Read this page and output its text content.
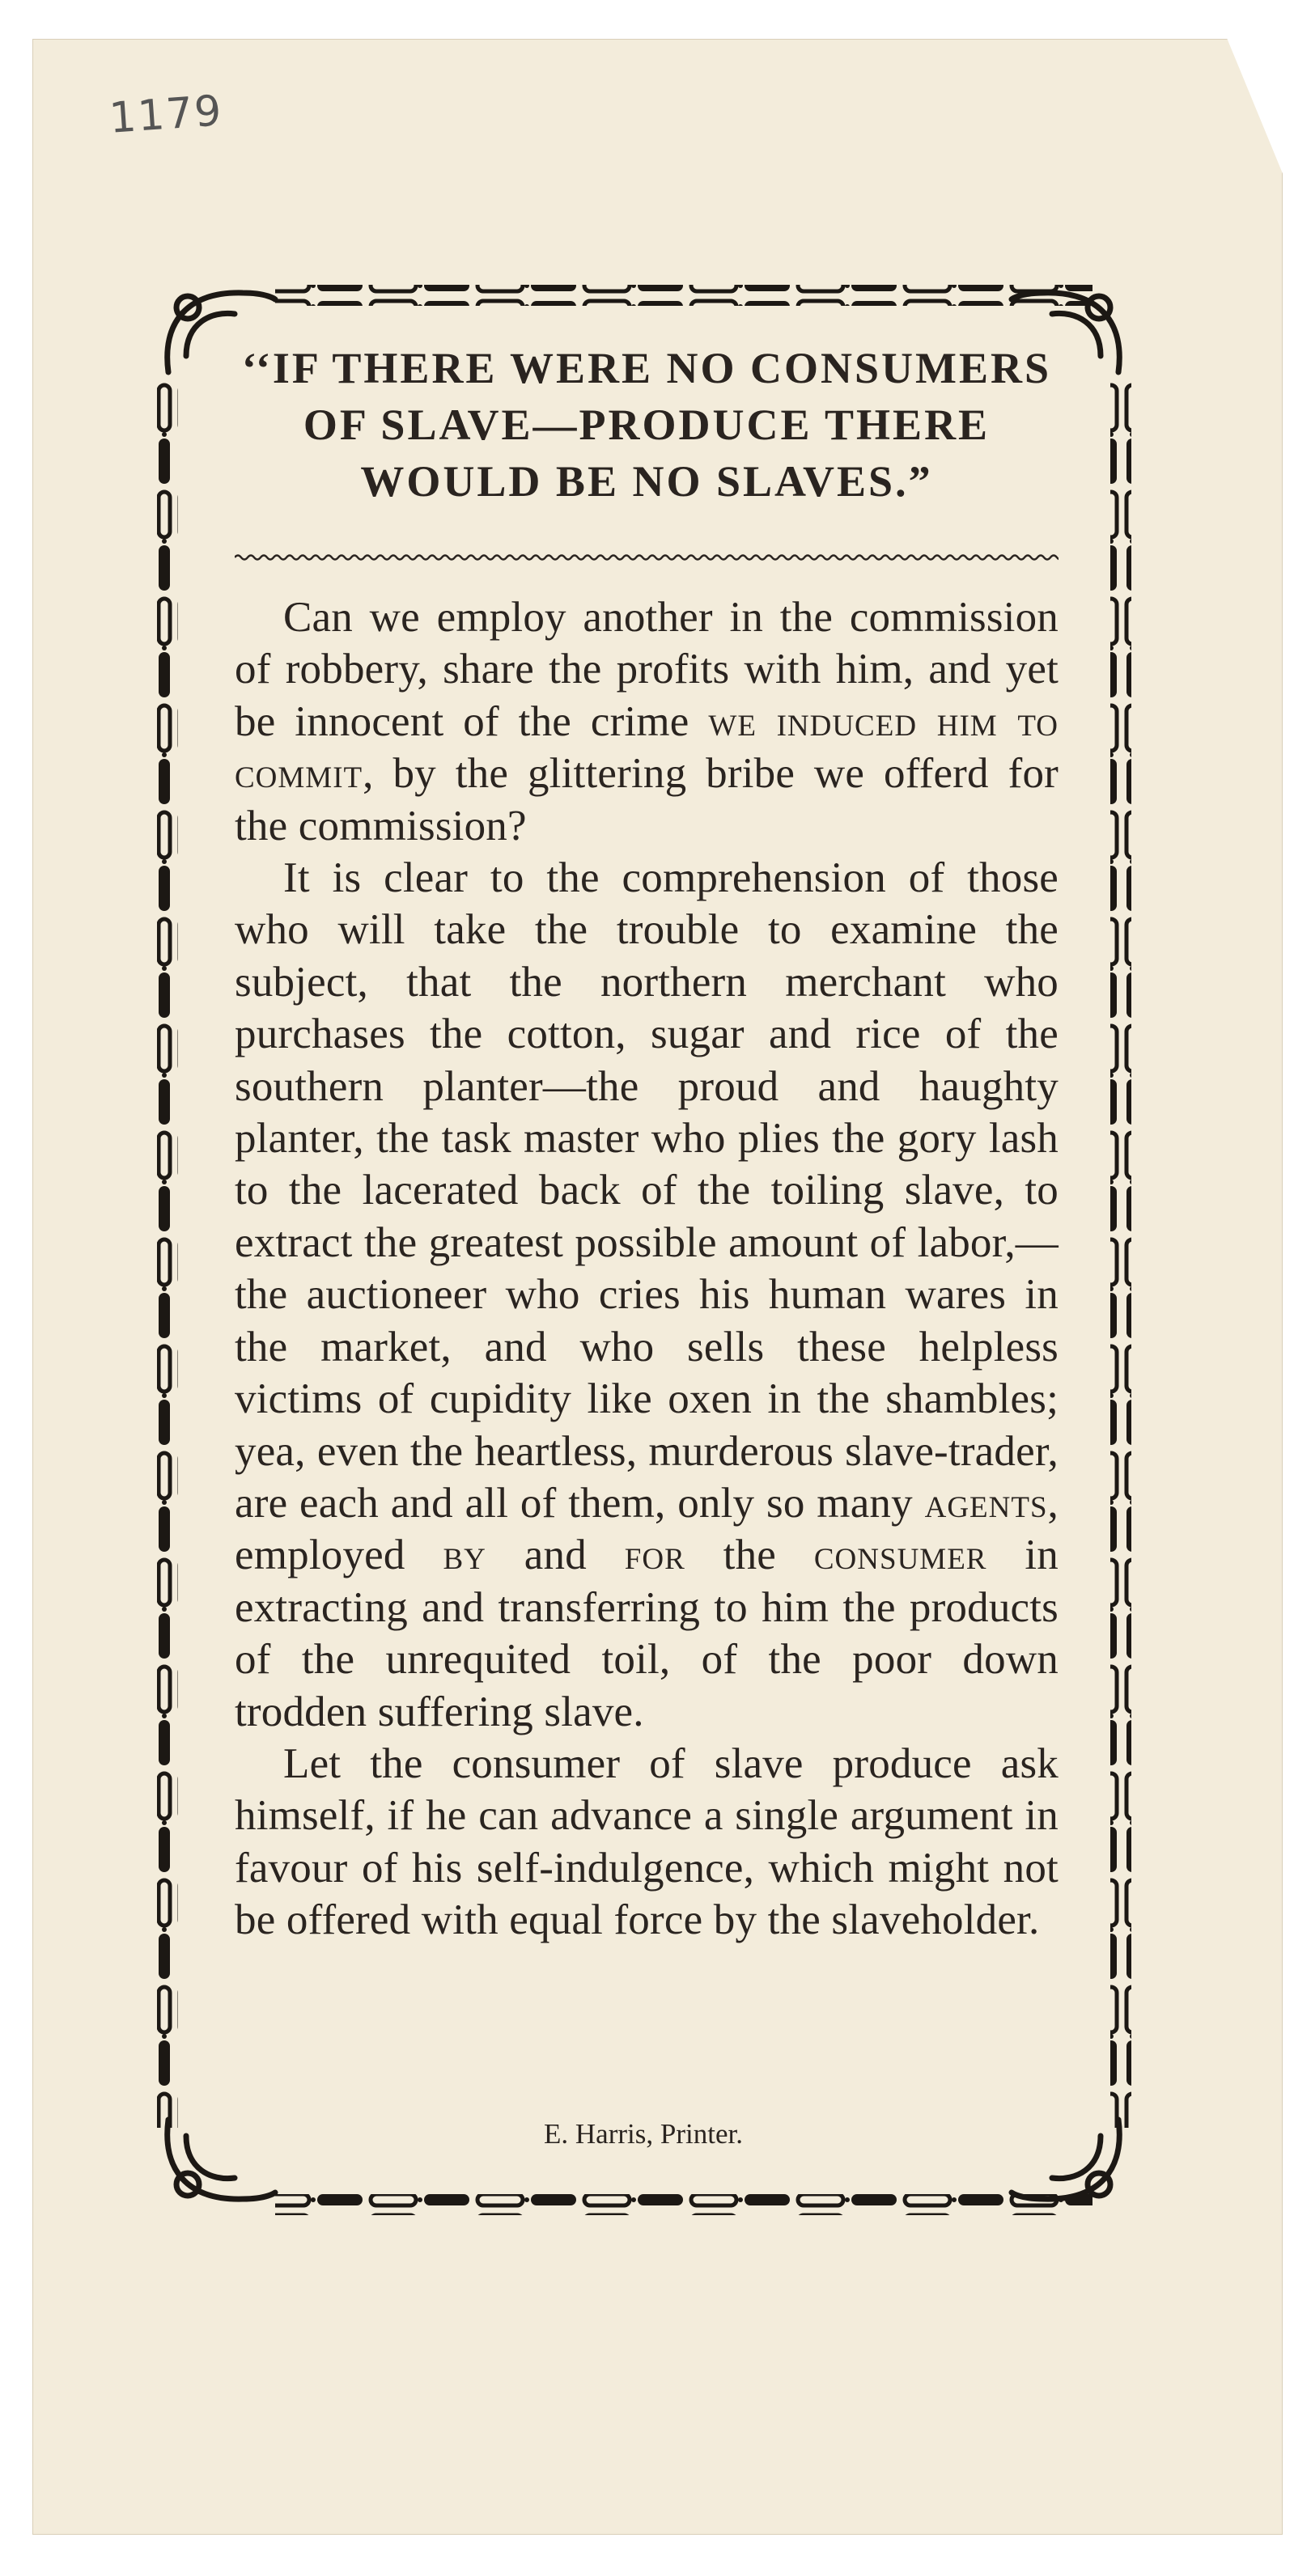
1179
‘‘IF THERE WERE NO CONSUMERS
OF SLAVE—PRODUCE THERE
WOULD BE NO SLAVES.”

Can we employ another in the commission of robbery, share the profits with him, and yet be innocent of the crime we induced him to commit, by the glittering bribe we offerd for the commission?

It is clear to the comprehension of those who will take the trouble to examine the subject, that the northern merchant who purchases the cotton, sugar and rice of the southern planter—the proud and haughty planter, the task master who plies the gory lash to the lacerated back of the toiling slave, to extract the greatest possible amount of labor,—the auctioneer who cries his human wares in the market, and who sells these helpless victims of cupidity like oxen in the shambles; yea, even the heartless, murderous slave-trader, are each and all of them, only so many agents, employed by and for the consumer in extracting and transferring to him the products of the unrequited toil, of the poor down trodden suffering slave.

Let the consumer of slave produce ask himself, if he can advance a single argument in favour of his self-indulgence, which might not be offered with equal force by the slaveholder.

E. Harris, Printer.
